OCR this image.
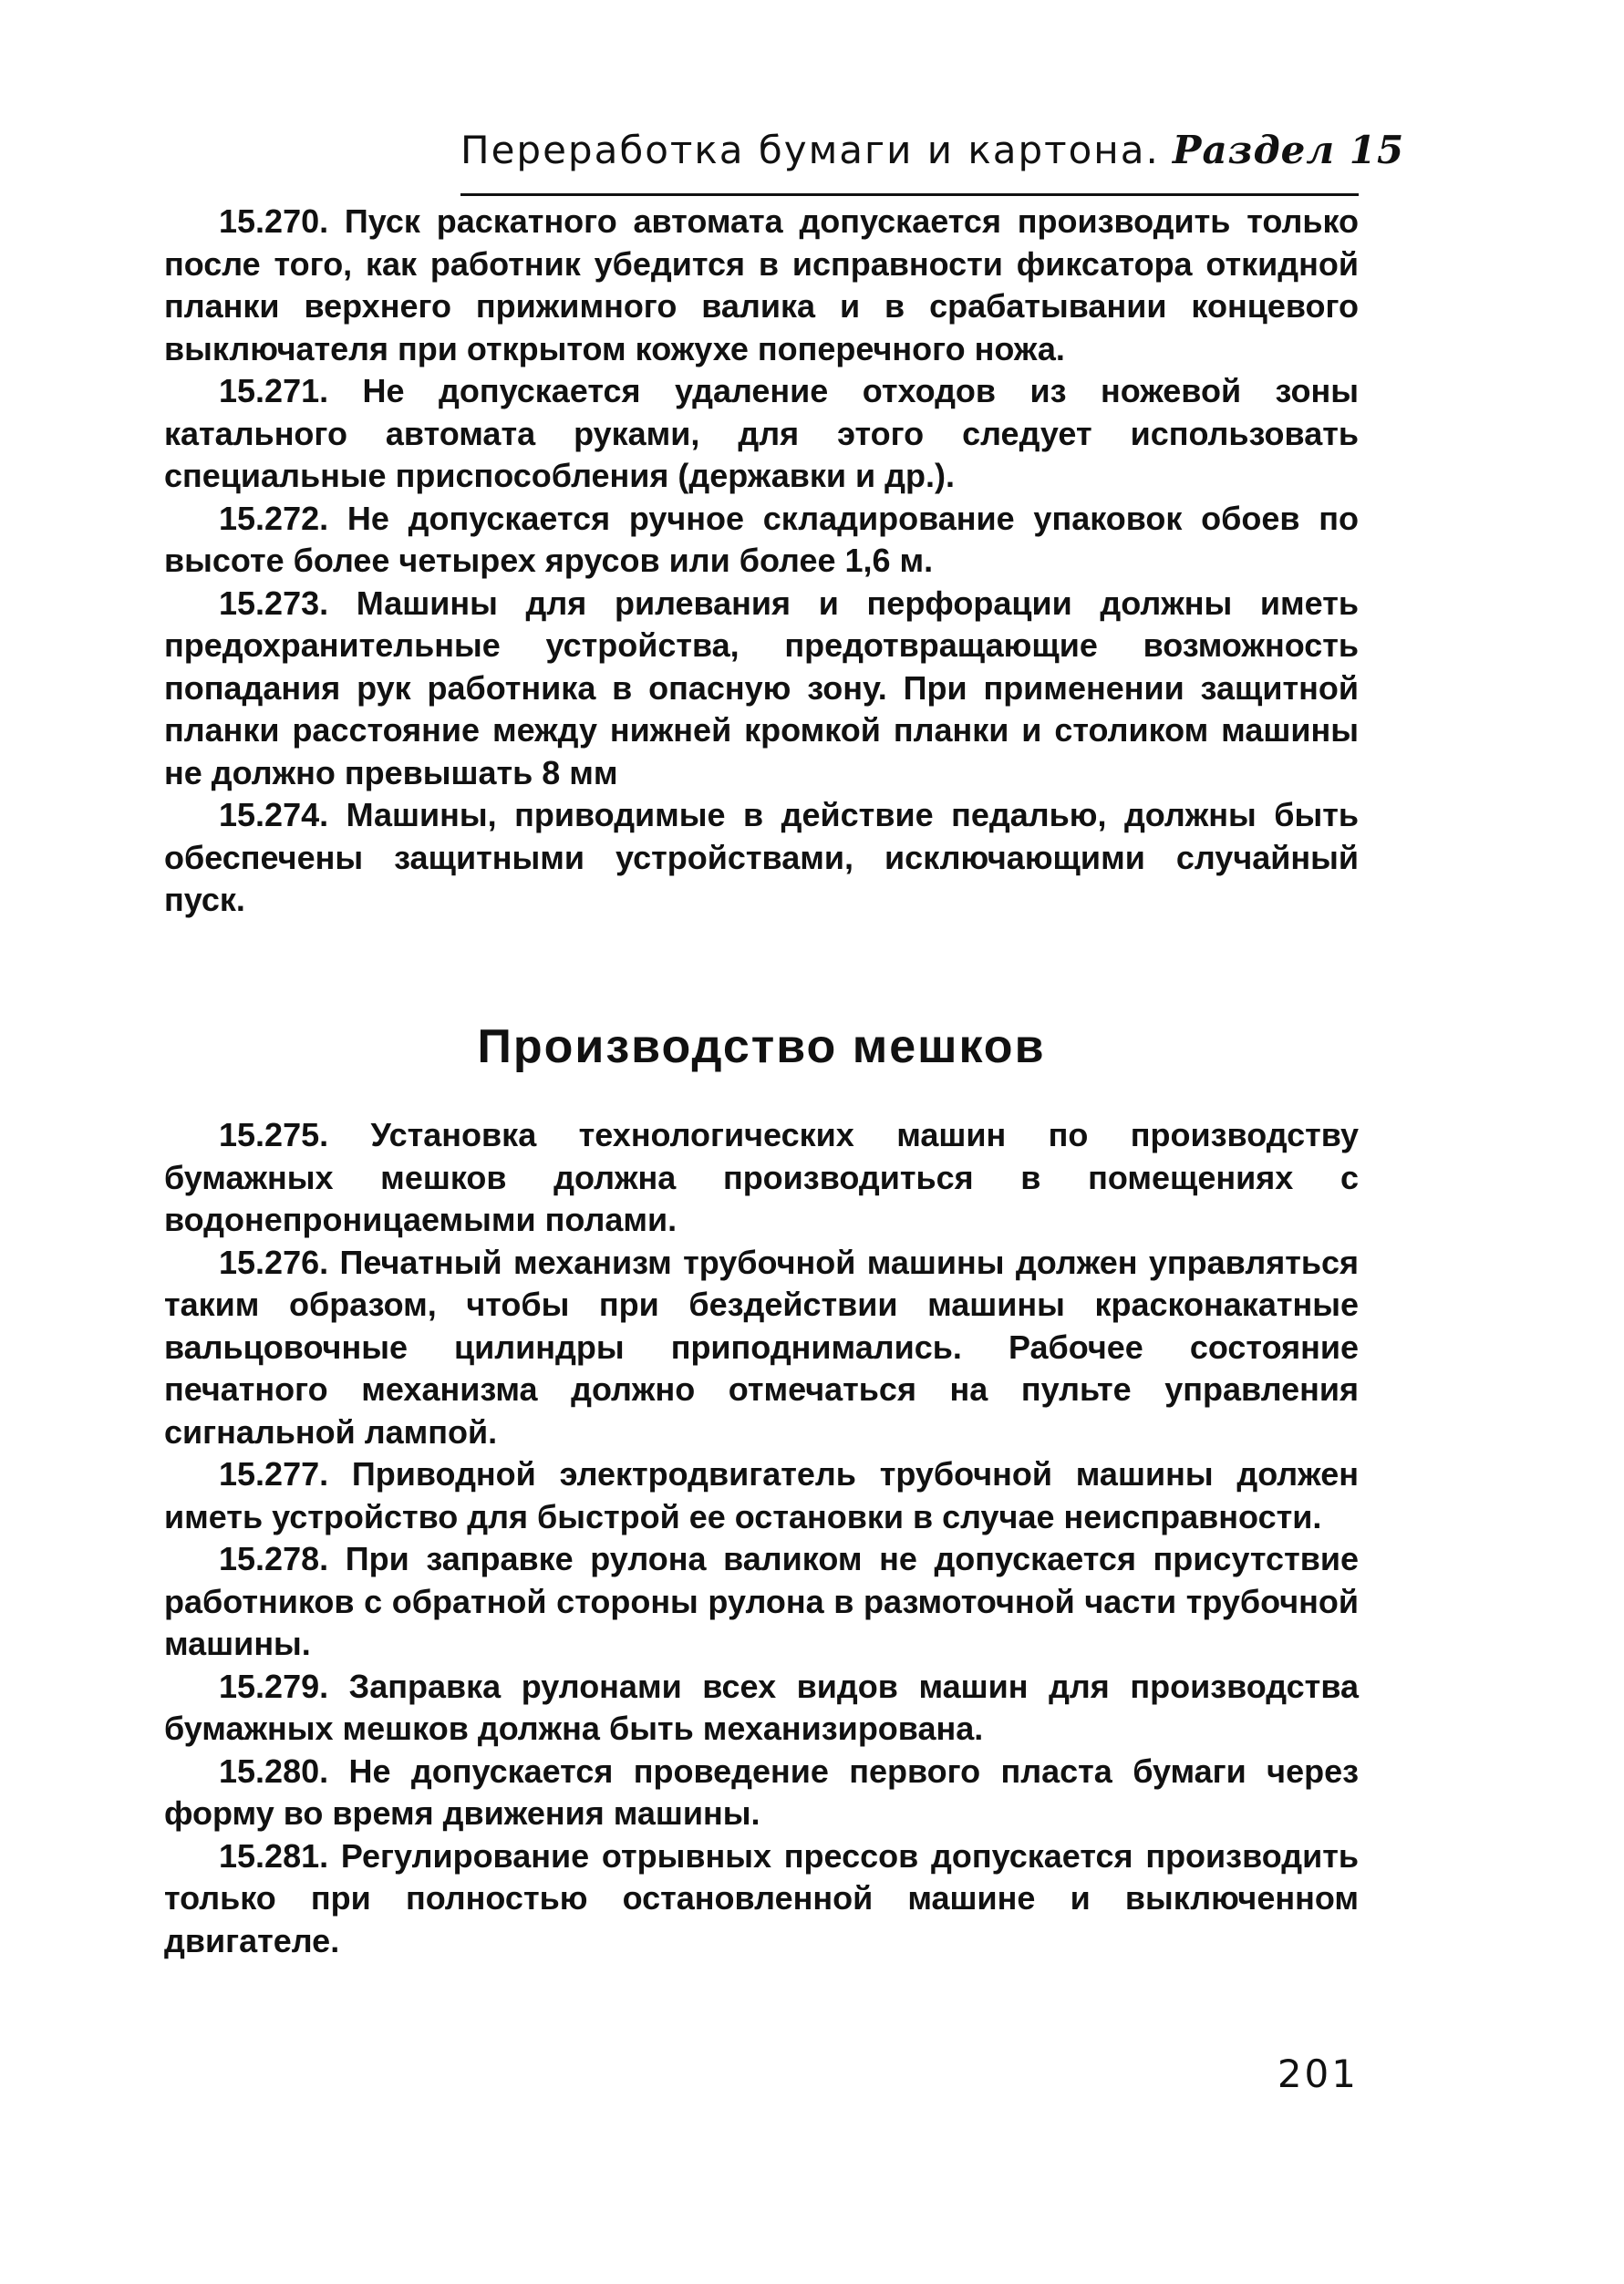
Переработка бумаги и картона. Раздел 15

15.270. Пуск раскатного автомата допускается производить только после того, как работник убедится в исправности фиксатора откидной планки верхнего прижимного валика и в срабатывании концевого выключателя при открытом кожухе поперечного ножа.

15.271. Не допускается удаление отходов из ножевой зоны катального автомата руками, для этого следует использовать специальные приспособления (державки и др.).

15.272. Не допускается ручное складирование упаковок обоев по высоте более четырех ярусов или более 1,6 м.

15.273. Машины для рилевания и перфорации должны иметь предохранительные устройства, предотвращающие возможность попадания рук работника в опасную зону. При применении защитной планки расстояние между нижней кромкой планки и столиком машины не должно превышать 8 мм

15.274. Машины, приводимые в действие педалью, должны быть обеспечены защитными устройствами, исключающими случайный пуск.

Производство мешков

15.275. Установка технологических машин по производству бумажных мешков должна производиться в помещениях с водонепроницаемыми полами.

15.276. Печатный механизм трубочной машины должен управляться таким образом, чтобы при бездействии машины красконакатные вальцовочные цилиндры приподнимались. Рабочее состояние печатного механизма должно отмечаться на пульте управления сигнальной лампой.

15.277. Приводной электродвигатель трубочной машины должен иметь устройство для быстрой ее остановки в случае неисправности.

15.278. При заправке рулона валиком не допускается присутствие работников с обратной стороны рулона в размоточной части трубочной машины.

15.279. Заправка рулонами всех видов машин для производства бумажных мешков должна быть механизирована.

15.280. Не допускается проведение первого пласта бумаги через форму во время движения машины.

15.281. Регулирование отрывных прессов допускается производить только при полностью остановленной машине и выключенном двигателе.

201
